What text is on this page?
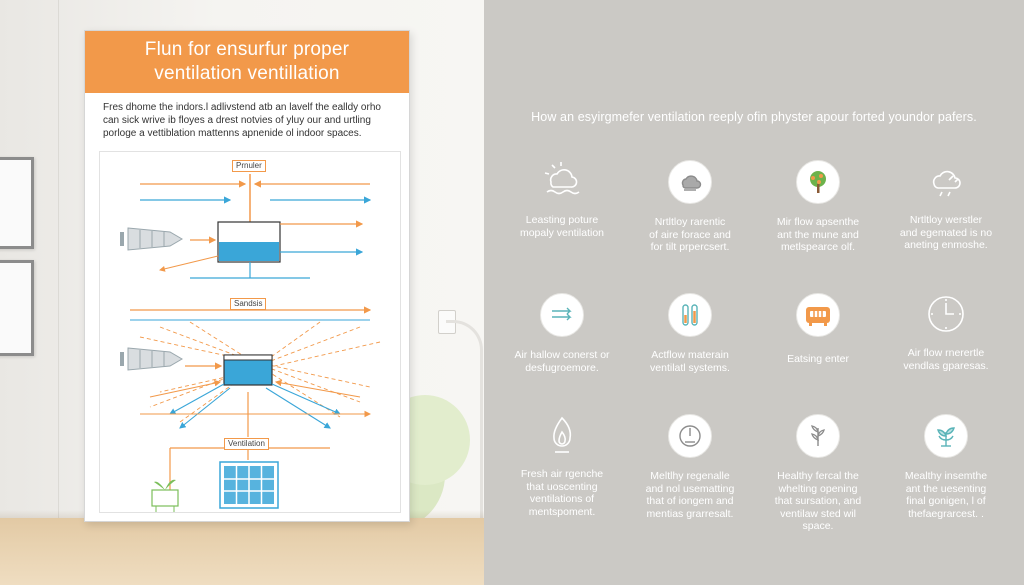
Flun for ensurfur proper
ventilation ventillation
Fres dhome the indors.l adlivstend atb an lavelf the ealldy orho can sick wrive ib floyes a drest notvies of yluy our and urtling porloge a vettiblation mattenns apnenide ol indoor spaces.
Prnuler
Sandsis
Ventilation
How an esyirgmefer ventilation reeply ofin physter apour forted youndor pafers.
Leasting poture
mopaly ventilation
Nrtltloy rarentic
of aire forace and
for tilt prpercsert.
Mir flow apsenthe
ant the mune and
metlspearce olf.
Nrtltloy werstler
and egemated is no
aneting enmoshe.
Air hallow conerst or
desfugroemore.
Actflow materain
ventilatl systems.
Eatsing enter	Air flow rnerertle
vendlas gparesas.
Fresh air rgenche
that uoscenting
ventilations of
mentspoment.
Meltlhy regenalle
and nol usematting
that of iongem and
mentias grarresalt.
Healthy fercal the
whelting opening
that sursation, and
ventilaw sted wil
space.
Mealthy insemthe
ant the uesenting
final gonigen, l of
thefaegrarcest. .
